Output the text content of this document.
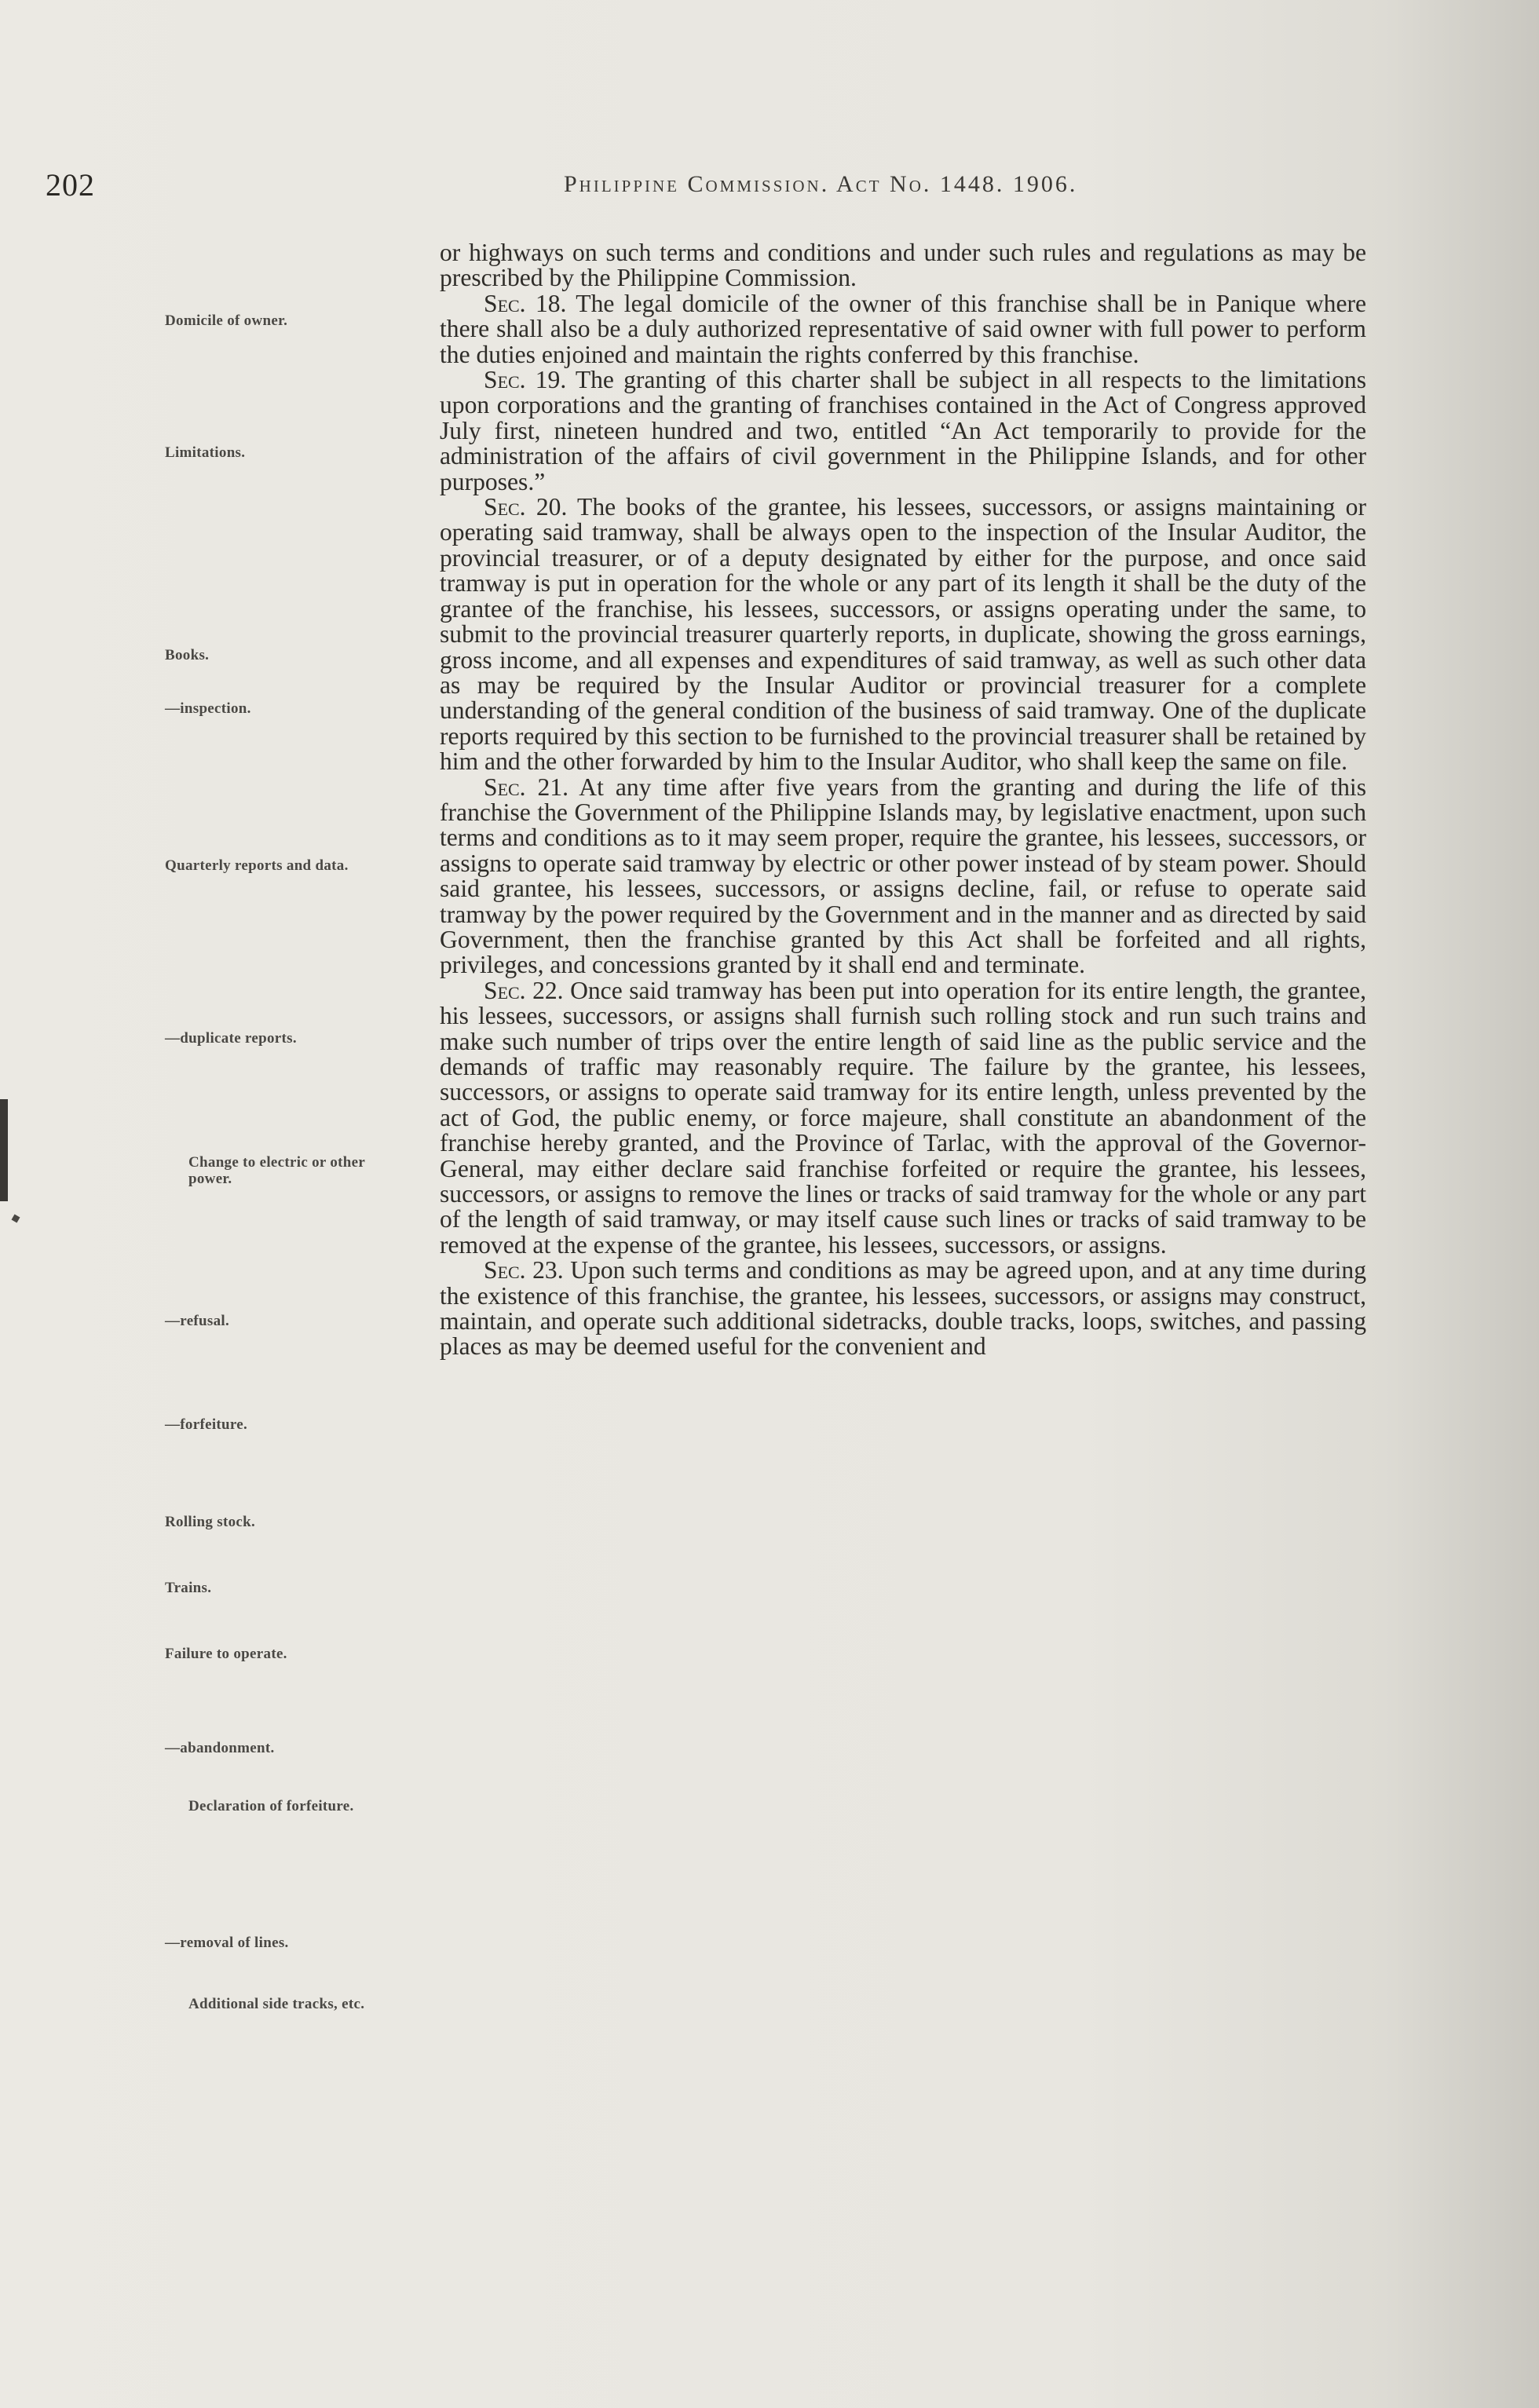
202	Philippine Commission. Act No. 1448. 1906.
Domicile of owner.
Limitations.
Books.
—inspection.
Quarterly reports and data.
—duplicate reports.
Change to electric or other power.
—refusal.
—forfeiture.
Rolling stock.
Trains.
Failure to operate.
—abandonment.
Declaration of forfeiture.
—removal of lines.
Additional side tracks, etc.

or highways on such terms and conditions and under such rules and regulations as may be prescribed by the Philippine Commission.

Sec. 18. The legal domicile of the owner of this franchise shall be in Panique where there shall also be a duly authorized representative of said owner with full power to perform the duties enjoined and maintain the rights conferred by this franchise.

Sec. 19. The granting of this charter shall be subject in all respects to the limitations upon corporations and the granting of franchises contained in the Act of Congress approved July first, nineteen hundred and two, entitled “An Act temporarily to provide for the administration of the affairs of civil government in the Philippine Islands, and for other purposes.”

Sec. 20. The books of the grantee, his lessees, successors, or assigns maintaining or operating said tramway, shall be always open to the inspection of the Insular Auditor, the provincial treasurer, or of a deputy designated by either for the purpose, and once said tramway is put in operation for the whole or any part of its length it shall be the duty of the grantee of the franchise, his lessees, successors, or assigns operating under the same, to submit to the provincial treasurer quarterly reports, in duplicate, showing the gross earnings, gross income, and all expenses and expenditures of said tramway, as well as such other data as may be required by the Insular Auditor or provincial treasurer for a complete understanding of the general condition of the business of said tramway. One of the duplicate reports required by this section to be furnished to the provincial treasurer shall be retained by him and the other forwarded by him to the Insular Auditor, who shall keep the same on file.

Sec. 21. At any time after five years from the granting and during the life of this franchise the Government of the Philippine Islands may, by legislative enactment, upon such terms and conditions as to it may seem proper, require the grantee, his lessees, successors, or assigns to operate said tramway by electric or other power instead of by steam power. Should said grantee, his lessees, successors, or assigns decline, fail, or refuse to operate said tramway by the power required by the Government and in the manner and as directed by said Government, then the franchise granted by this Act shall be forfeited and all rights, privileges, and concessions granted by it shall end and terminate.

Sec. 22. Once said tramway has been put into operation for its entire length, the grantee, his lessees, successors, or assigns shall furnish such rolling stock and run such trains and make such number of trips over the entire length of said line as the public service and the demands of traffic may reasonably require. The failure by the grantee, his lessees, successors, or assigns to operate said tramway for its entire length, unless prevented by the act of God, the public enemy, or force majeure, shall constitute an abandonment of the franchise hereby granted, and the Province of Tarlac, with the approval of the Governor-General, may either declare said franchise forfeited or require the grantee, his lessees, successors, or assigns to remove the lines or tracks of said tramway for the whole or any part of the length of said tramway, or may itself cause such lines or tracks of said tramway to be removed at the expense of the grantee, his lessees, successors, or assigns.

Sec. 23. Upon such terms and conditions as may be agreed upon, and at any time during the existence of this franchise, the grantee, his lessees, successors, or assigns may construct, maintain, and operate such additional sidetracks, double tracks, loops, switches, and passing places as may be deemed useful for the convenient and
